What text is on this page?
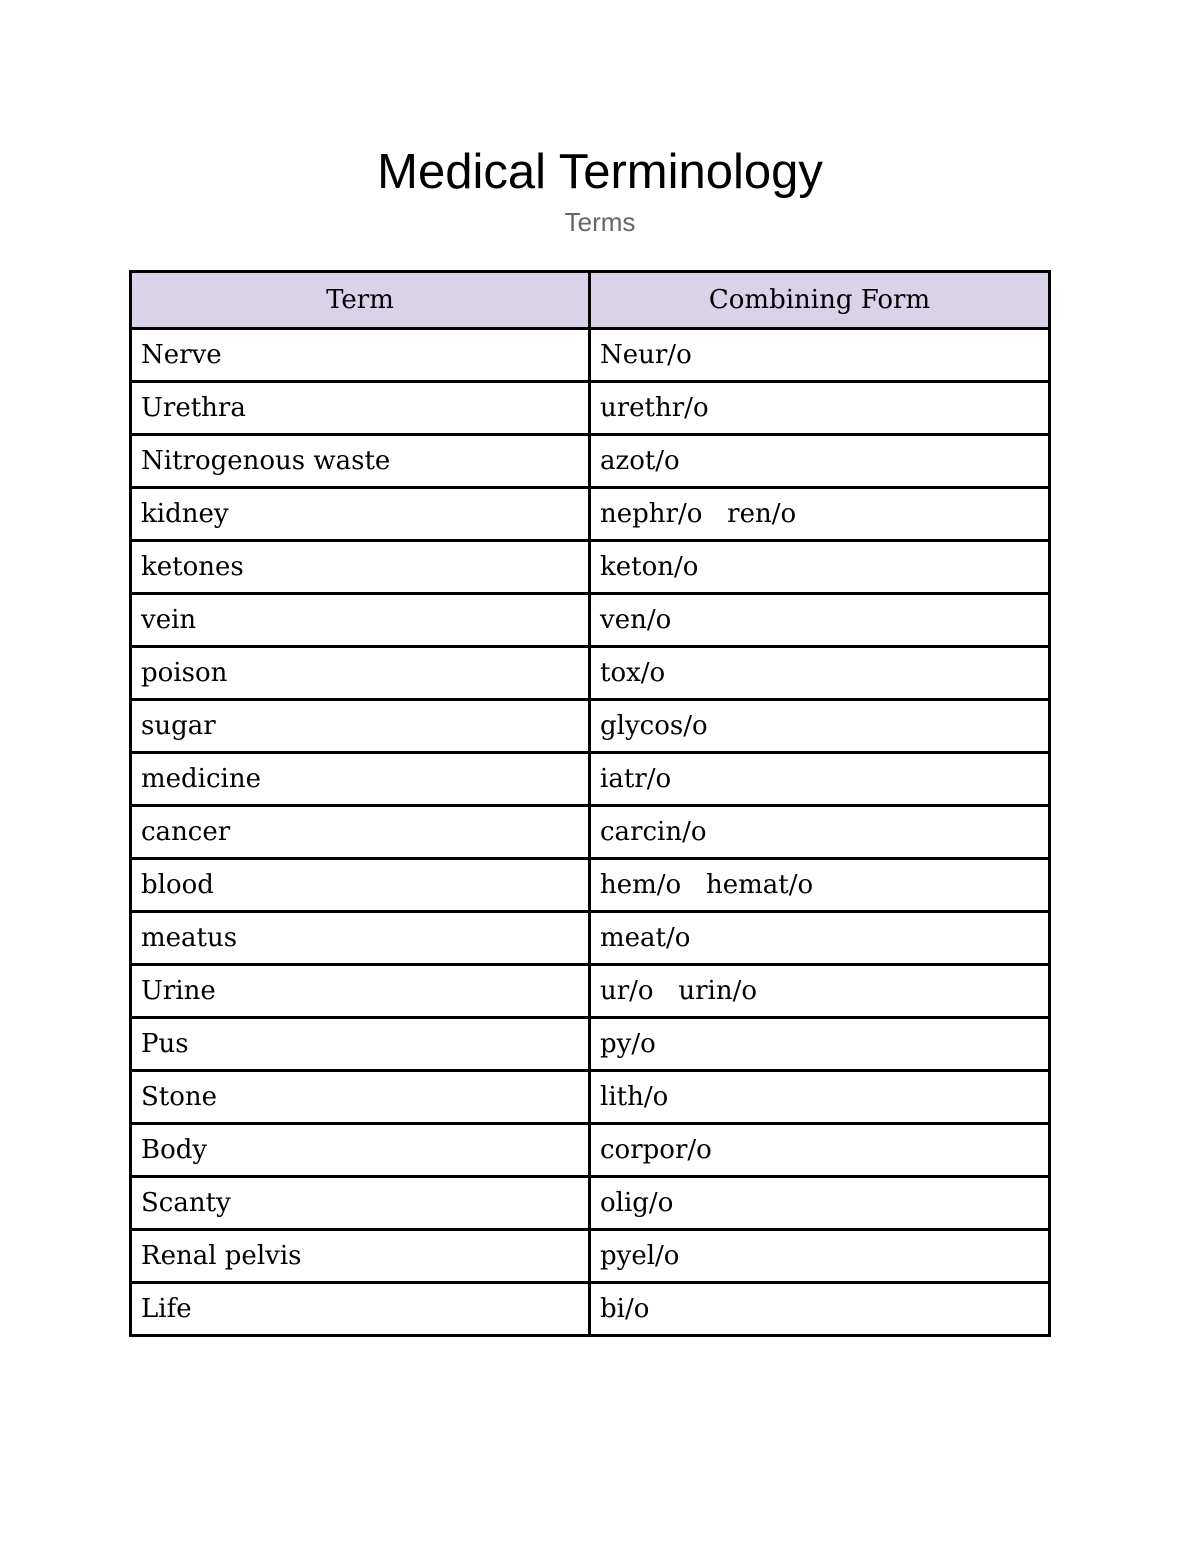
Medical Terminology
Terms
Term	Combining Form
Nerve	Neur/o
Urethra	urethr/o
Nitrogenous waste	azot/o
kidney	nephr/o   ren/o
ketones	keton/o
vein	ven/o
poison	tox/o
sugar	glycos/o
medicine	iatr/o
cancer	carcin/o
blood	hem/o   hemat/o
meatus	meat/o
Urine	ur/o   urin/o
Pus	py/o
Stone	lith/o
Body	corpor/o
Scanty	olig/o
Renal pelvis	pyel/o
Life	bi/o
